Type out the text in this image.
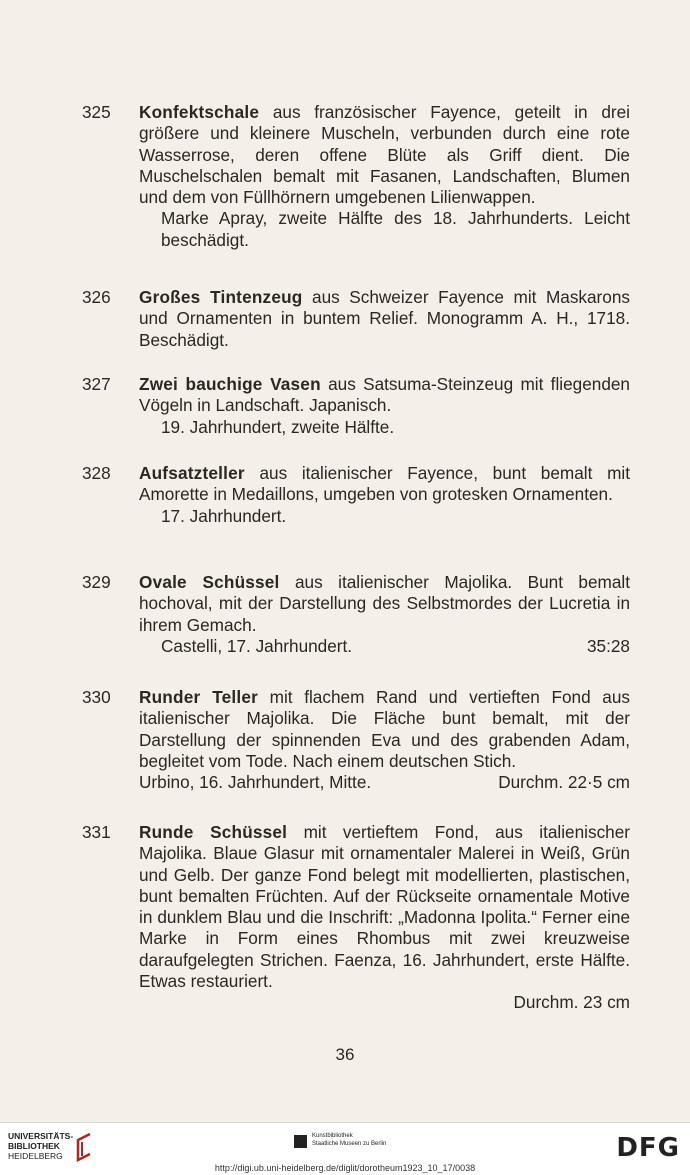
325	Konfektschale aus französischer Fayence, geteilt in drei größere und kleinere Muscheln, verbunden durch eine rote Wasserrose, deren offene Blüte als Griff dient. Die Muschelschalen bemalt mit Fasanen, Landschaften, Blumen und dem von Füllhörnern umgebenen Lilienwappen.

Marke Apray, zweite Hälfte des 18. Jahrhunderts. Leicht beschädigt.

326	Großes Tintenzeug aus Schweizer Fayence mit Maskarons und Ornamenten in buntem Relief. Monogramm A. H., 1718. Beschädigt.

327	Zwei bauchige Vasen aus Satsuma-Steinzeug mit fliegenden Vögeln in Landschaft. Japanisch.

19. Jahrhundert, zweite Hälfte.

328	Aufsatzteller aus italienischer Fayence, bunt bemalt mit Amorette in Medaillons, umgeben von grotesken Ornamenten.

17. Jahrhundert.

329	Ovale Schüssel aus italienischer Majolika. Bunt bemalt hochoval, mit der Darstellung des Selbstmordes der Lucretia in ihrem Gemach.

Castelli, 17. Jahrhundert.	35:28
330	Runder Teller mit flachem Rand und vertieften Fond aus italienischer Majolika. Die Fläche bunt bemalt, mit der Darstellung der spinnenden Eva und des grabenden Adam, begleitet vom Tode. Nach einem deutschen Stich.

Urbino, 16. Jahrhundert, Mitte.	Durchm. 22·5 cm
331	Runde Schüssel mit vertieftem Fond, aus italienischer Majolika. Blaue Glasur mit ornamentaler Malerei in Weiß, Grün und Gelb. Der ganze Fond belegt mit modellierten, plastischen, bunt bemalten Früchten. Auf der Rückseite ornamentale Motive in dunklem Blau und die Inschrift: „Madonna Ipolita.“ Ferner eine Marke in Form eines Rhombus mit zwei kreuzweise daraufgelegten Strichen. Faenza, 16. Jahrhundert, erste Hälfte. Etwas restauriert.

Durchm. 23 cm
36
UNIVERSITÄTS-
BIBLIOTHEK
HEIDELBERG
Kunstbibliothek
Staatliche Museen zu Berlin	DFG
http://digi.ub.uni-heidelberg.de/diglit/dorotheum1923_10_17/0038
